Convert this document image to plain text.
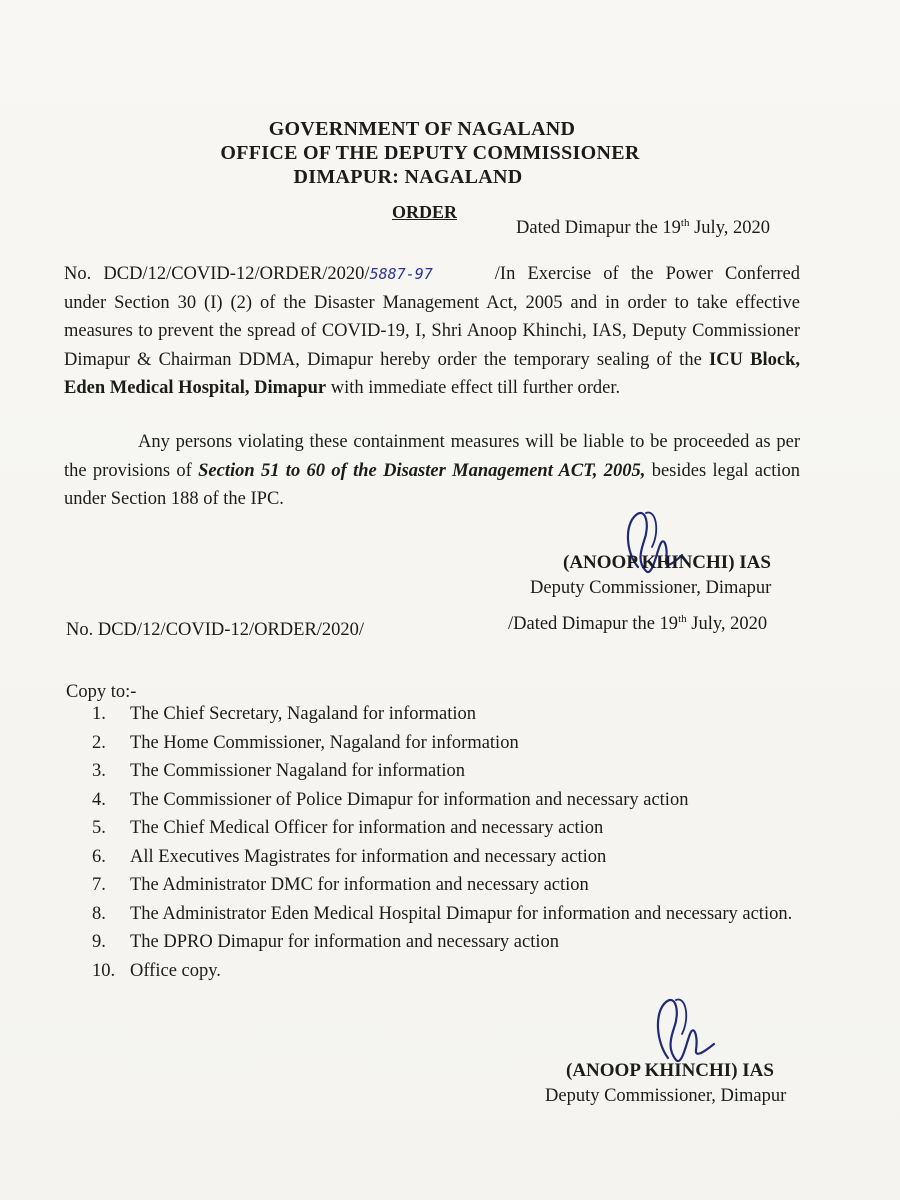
GOVERNMENT OF NAGALAND
OFFICE OF THE DEPUTY COMMISSIONER
DIMAPUR: NAGALAND
ORDER
Dated Dimapur the 19th July, 2020
No. DCD/12/COVID-12/ORDER/2020/5887-97	/In Exercise of the Power Conferred under Section 30 (I) (2) of the Disaster Management Act, 2005 and in order to take effective measures to prevent the spread of COVID-19, I, Shri Anoop Khinchi, IAS, Deputy Commissioner Dimapur & Chairman DDMA, Dimapur hereby order the temporary sealing of the ICU Block, Eden Medical Hospital, Dimapur with immediate effect till further order.
Any persons violating these containment measures will be liable to be proceeded as per the provisions of Section 51 to 60 of the Disaster Management ACT, 2005, besides legal action under Section 188 of the IPC.
(ANOOP KHINCHI) IAS
Deputy Commissioner, Dimapur
No. DCD/12/COVID-12/ORDER/2020/	/Dated Dimapur the 19th July, 2020
Copy to:-
1. The Chief Secretary, Nagaland for information
2. The Home Commissioner, Nagaland for information
3. The Commissioner Nagaland for information
4. The Commissioner of Police Dimapur for information and necessary action
5. The Chief Medical Officer for information and necessary action
6. All Executives Magistrates for information and necessary action
7. The Administrator DMC for information and necessary action
8. The Administrator Eden Medical Hospital Dimapur for information and necessary action.
9. The DPRO Dimapur for information and necessary action
10. Office copy.
(ANOOP KHINCHI) IAS
Deputy Commissioner, Dimapur
